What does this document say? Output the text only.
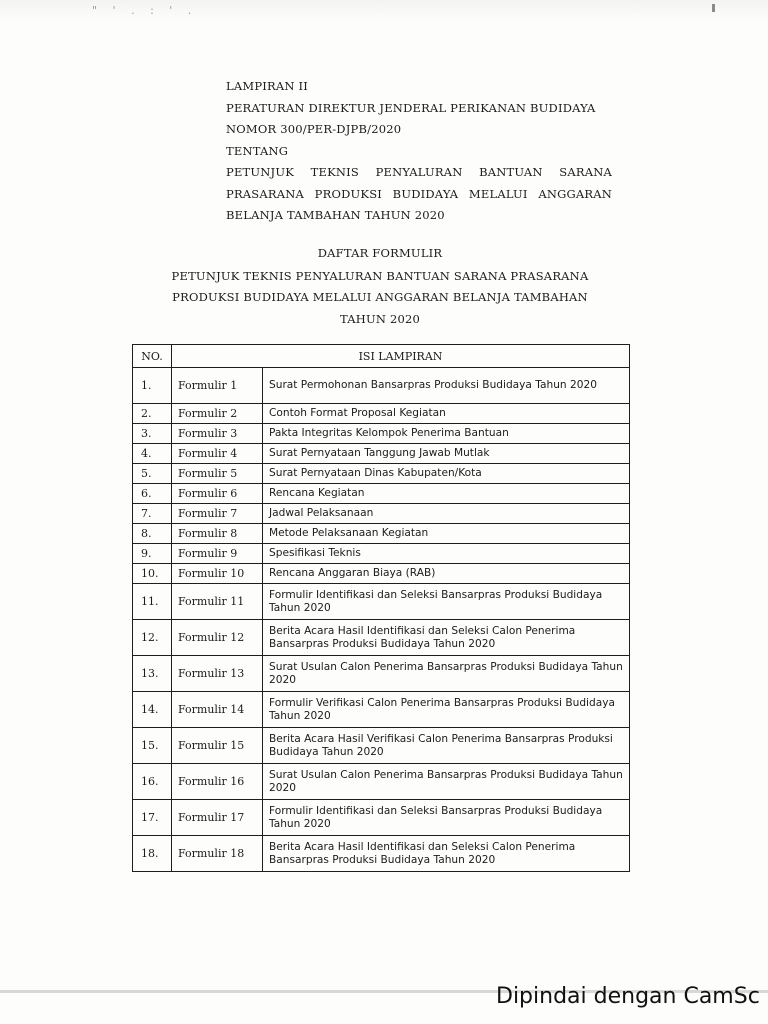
" ' . : ' .
LAMPIRAN II
PERATURAN DIREKTUR JENDERAL PERIKANAN BUDIDAYA
NOMOR 300/PER-DJPB/2020
TENTANG
PETUNJUK TEKNIS PENYALURAN BANTUAN SARANA
PRASARANA PRODUKSI BUDIDAYA MELALUI ANGGARAN
BELANJA TAMBAHAN TAHUN 2020
DAFTAR FORMULIR
PETUNJUK TEKNIS PENYALURAN BANTUAN SARANA PRASARANA
PRODUKSI BUDIDAYA MELALUI ANGGARAN BELANJA TAMBAHAN
TAHUN 2020
NO.	ISI LAMPIRAN	
1.	Formulir 1	Surat Permohonan Bansarpras Produksi Budidaya Tahun 2020
2.	Formulir 2	Contoh Format Proposal Kegiatan
3.	Formulir 3	Pakta Integritas Kelompok Penerima Bantuan
4.	Formulir 4	Surat Pernyataan Tanggung Jawab Mutlak
5.	Formulir 5	Surat Pernyataan Dinas Kabupaten/Kota
6.	Formulir 6	Rencana Kegiatan
7.	Formulir 7	Jadwal Pelaksanaan
8.	Formulir 8	Metode Pelaksanaan Kegiatan
9.	Formulir 9	Spesifikasi Teknis
10.	Formulir 10	Rencana Anggaran Biaya (RAB)
11.	Formulir 11	Formulir Identifikasi dan Seleksi Bansarpras Produksi Budidaya Tahun 2020
12.	Formulir 12	Berita Acara Hasil Identifikasi dan Seleksi Calon Penerima Bansarpras Produksi Budidaya Tahun 2020
13.	Formulir 13	Surat Usulan Calon Penerima Bansarpras Produksi Budidaya Tahun 2020
14.	Formulir 14	Formulir Verifikasi Calon Penerima Bansarpras Produksi Budidaya Tahun 2020
15.	Formulir 15	Berita Acara Hasil Verifikasi Calon Penerima Bansarpras Produksi Budidaya Tahun 2020
16.	Formulir 16	Surat Usulan Calon Penerima Bansarpras Produksi Budidaya Tahun 2020
17.	Formulir 17	Formulir Identifikasi dan Seleksi Bansarpras Produksi Budidaya Tahun 2020
18.	Formulir 18	Berita Acara Hasil Identifikasi dan Seleksi Calon Penerima Bansarpras Produksi Budidaya Tahun 2020
Dipindai dengan CamSc
